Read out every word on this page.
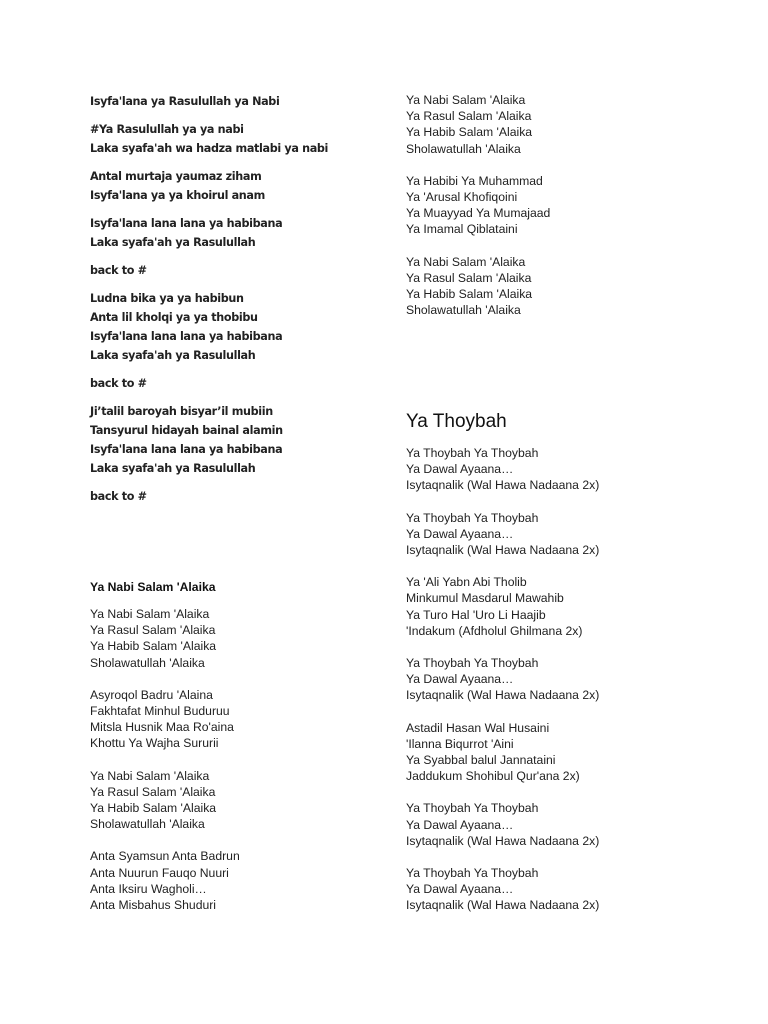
Isyfa'lana ya Rasulullah ya Nabi
#Ya Rasulullah ya ya nabi
Laka syafa'ah wa hadza matlabi ya nabi
Antal murtaja yaumaz ziham
Isyfa'lana ya ya khoirul anam
Isyfa'lana lana lana ya habibana
Laka syafa'ah ya Rasulullah
back to #
Ludna bika ya ya habibun
Anta lil kholqi ya ya thobibu
Isyfa'lana lana lana ya habibana
Laka syafa'ah ya Rasulullah
back to #
Ji’talil baroyah bisyar’il mubiin
Tansyurul hidayah bainal alamin
Isyfa'lana lana lana ya habibana
Laka syafa'ah ya Rasulullah
back to #
Ya Nabi Salam 'Alaika
Ya Nabi Salam 'Alaika
Ya Rasul Salam 'Alaika
Ya Habib Salam 'Alaika
Sholawatullah 'Alaika
Asyroqol Badru 'Alaina
Fakhtafat Minhul Buduruu
Mitsla Husnik Maa Ro'aina
Khottu Ya Wajha Sururii
Ya Nabi Salam 'Alaika
Ya Rasul Salam 'Alaika
Ya Habib Salam 'Alaika
Sholawatullah 'Alaika
Anta Syamsun Anta Badrun
Anta Nuurun Fauqo Nuuri
Anta Iksiru Wagholi…
Anta Misbahus Shuduri
Ya Nabi Salam 'Alaika
Ya Rasul Salam 'Alaika
Ya Habib Salam 'Alaika
Sholawatullah 'Alaika
Ya Habibi Ya Muhammad
Ya 'Arusal Khofiqoini
Ya Muayyad Ya Mumajaad
Ya Imamal Qiblataini
Ya Nabi Salam 'Alaika
Ya Rasul Salam 'Alaika
Ya Habib Salam 'Alaika
Sholawatullah 'Alaika
Ya Thoybah
Ya Thoybah Ya Thoybah
Ya Dawal Ayaana…
Isytaqnalik (Wal Hawa Nadaana 2x)
Ya Thoybah Ya Thoybah
Ya Dawal Ayaana…
Isytaqnalik (Wal Hawa Nadaana 2x)
Ya 'Ali Yabn Abi Tholib
Minkumul Masdarul Mawahib
Ya Turo Hal 'Uro Li Haajib
'Indakum (Afdholul Ghilmana 2x)
Ya Thoybah Ya Thoybah
Ya Dawal Ayaana…
Isytaqnalik (Wal Hawa Nadaana 2x)
Astadil Hasan Wal Husaini
'Ilanna Biqurrot 'Aini
Ya Syabbal balul Jannataini
Jaddukum Shohibul Qur'ana 2x)
Ya Thoybah Ya Thoybah
Ya Dawal Ayaana…
Isytaqnalik (Wal Hawa Nadaana 2x)
Ya Thoybah Ya Thoybah
Ya Dawal Ayaana…
Isytaqnalik (Wal Hawa Nadaana 2x)
